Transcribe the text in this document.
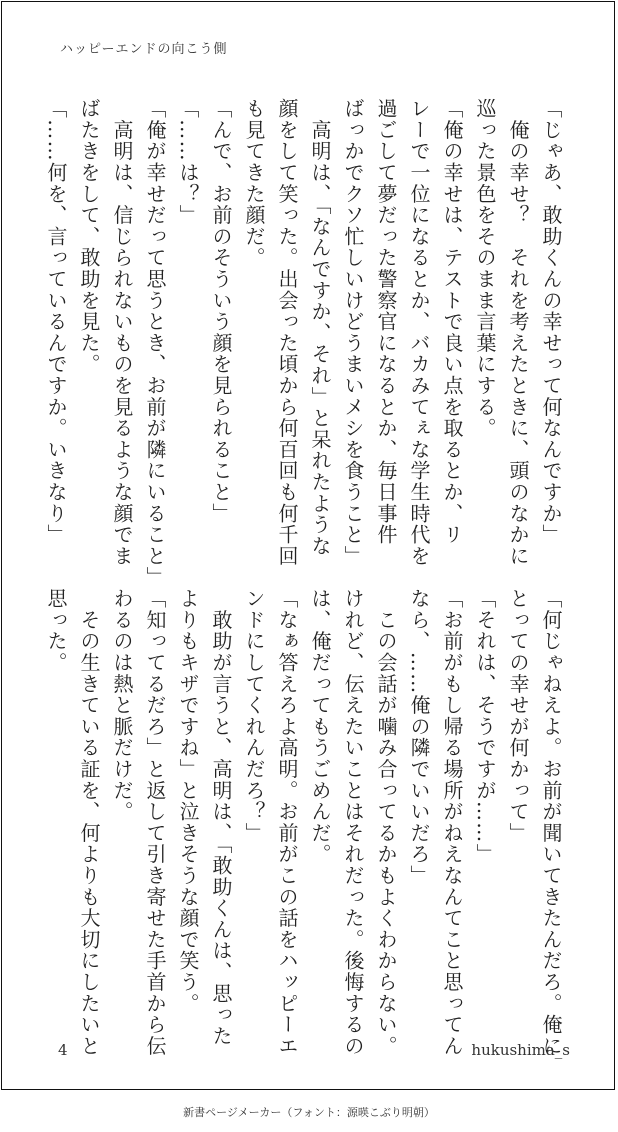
ハッピーエンドの向こう側
「じゃあ、敢助くんの幸せって何なんですか」
　俺の幸せ？　それを考えたときに、頭のなかに
巡った景色をそのまま言葉にする。
「俺の幸せは、テストで良い点を取るとか、リ
レーで一位になるとか、バカみてぇな学生時代を
過ごして夢だった警察官になるとか、毎日事件
ばっかでクソ忙しいけどうまいメシを食うこと」
　高明は、「なんですか、それ」と呆れたような
顔をして笑った。出会った頃から何百回も何千回
も見てきた顔だ。
「んで、お前のそういう顔を見られること」
「……は？」
「俺が幸せだって思うとき、お前が隣にいること」
　高明は、信じられないものを見るような顔でま
ばたきをして、敢助を見た。
「……何を、言っているんですか。いきなり」
「何じゃねえよ。お前が聞いてきたんだろ。俺に
とっての幸せが何かって」
「それは、そうですが……」
「お前がもし帰る場所がねえなんてこと思ってん
なら、……俺の隣でいいだろ」
　この会話が噛み合ってるかもよくわからない。
けれど、伝えたいことはそれだった。後悔するの
は、俺だってもうごめんだ。
「なぁ答えろよ高明。お前がこの話をハッピーエ
ンドにしてくれんだろ？」
　敢助が言うと、高明は、「敢助くんは、思った
よりもキザですね」と泣きそうな顔で笑う。
「知ってるだろ」と返して引き寄せた手首から伝
わるのは熱と脈だけだ。
　その生きている証を、何よりも大切にしたいと
思った。
4	hukushima_s
新書ページメーカー（フォント：源暎こぶり明朝）
